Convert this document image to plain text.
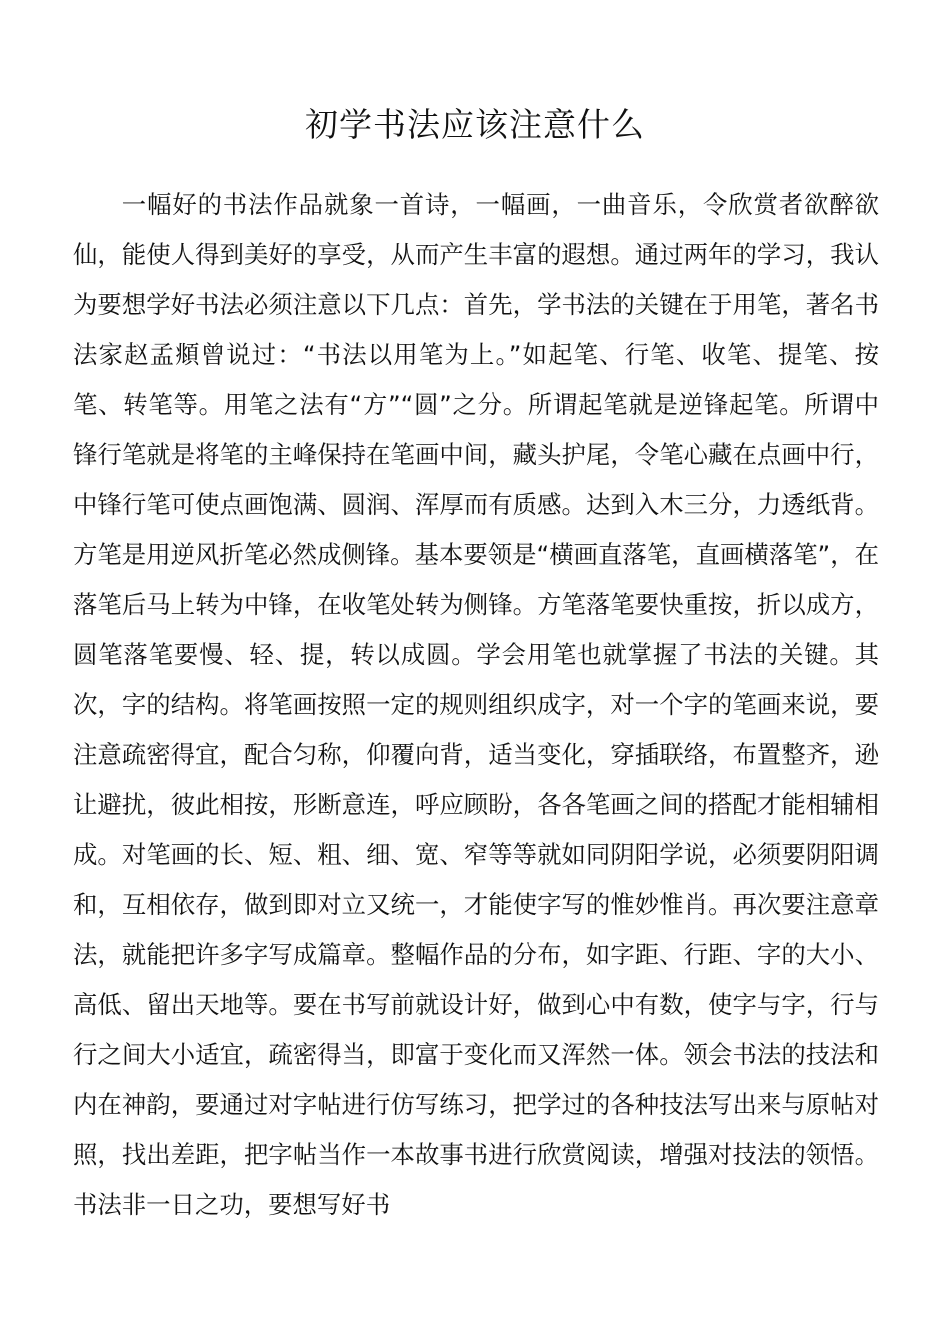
初学书法应该注意什么

一幅好的书法作品就象一首诗，一幅画，一曲音乐，令欣赏者欲醉欲仙，能使人得到美好的享受，从而产生丰富的遐想。通过两年的学习，我认为要想学好书法必须注意以下几点：首先，学书法的关键在于用笔，著名书法家赵孟頫曾说过：“书法以用笔为上。”如起笔、行笔、收笔、提笔、按笔、转笔等。用笔之法有“方”“圆”之分。所谓起笔就是逆锋起笔。所谓中锋行笔就是将笔的主峰保持在笔画中间，藏头护尾，令笔心藏在点画中行，中锋行笔可使点画饱满、圆润、浑厚而有质感。达到入木三分，力透纸背。方笔是用逆风折笔必然成侧锋。基本要领是“横画直落笔，直画横落笔”，在落笔后马上转为中锋，在收笔处转为侧锋。方笔落笔要快重按，折以成方，圆笔落笔要慢、轻、提，转以成圆。学会用笔也就掌握了书法的关键。其次，字的结构。将笔画按照一定的规则组织成字，对一个字的笔画来说，要注意疏密得宜，配合匀称，仰覆向背，适当变化，穿插联络，布置整齐，逊让避扰，彼此相按，形断意连，呼应顾盼，各各笔画之间的搭配才能相辅相成。对笔画的长、短、粗、细、宽、窄等等就如同阴阳学说，必须要阴阳调和，互相依存，做到即对立又统一，才能使字写的惟妙惟肖。再次要注意章法，就能把许多字写成篇章。整幅作品的分布，如字距、行距、字的大小、高低、留出天地等。要在书写前就设计好，做到心中有数，使字与字，行与行之间大小适宜，疏密得当，即富于变化而又浑然一体。领会书法的技法和内在神韵，要通过对字帖进行仿写练习，把学过的各种技法写出来与原帖对照，找出差距，把字帖当作一本故事书进行欣赏阅读，增强对技法的领悟。书法非一日之功，要想写好书
